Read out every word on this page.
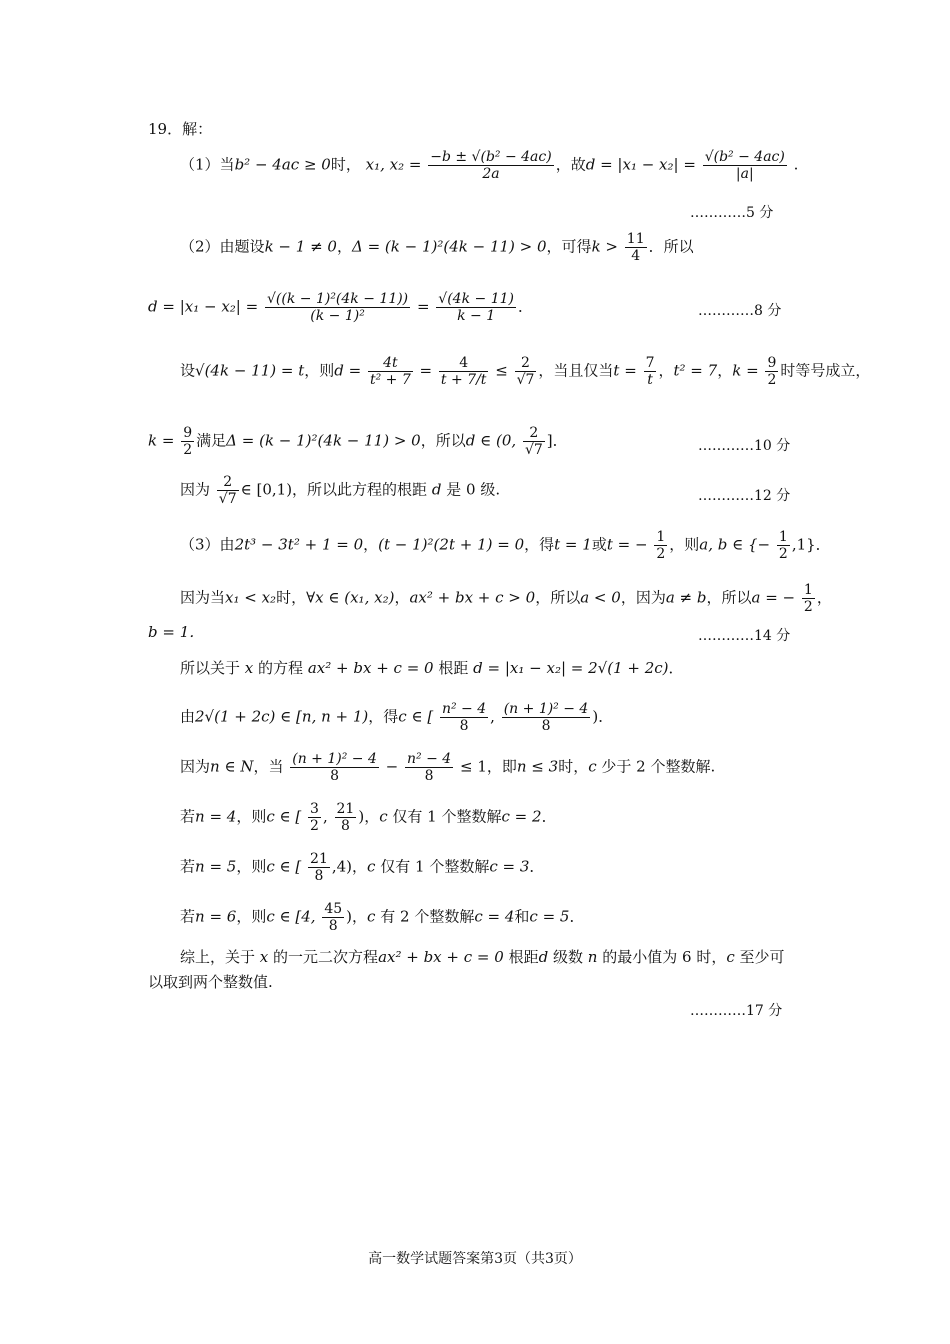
19．解：
（1）当b² − 4ac ≥ 0时， x₁, $x_2 = \frac{\text{−b ± √(b² − 4ac)}}{2a}$ ，故$d = |x_1 - x_2| = \frac{\text{√(b² − 4ac)}}{|a|}$ .
…………5 分
（2）由题设k − 1 ≠ 0，Δ = (k − 1)²(4k − 11) > 0，可得$k > \frac{11}{4}$ ．所以
$d = |x_1 - x_2| = \frac{\text{√((k − 1)²(4k − 11))}}{\text{(k − 1)²}} = \frac{√(4k - 11)}{k - 1}$ ．	…………8 分
设√(4k − 11) = t，则$d = \frac{4t}{\text{t² + 7}} = \frac{4}{t + 7/t} \le \frac{2}{√7}$ ，当且仅当$t = \frac{7}{t}$ ，t² = 7，$k = \frac{9}{2}$ 时等号成立，
$k = \frac{9}{2}$ 满足Δ = (k − 1)²(4k − 11) > 0，所以d ∈ (0, $\frac{2}{√7}$ ]．	…………10 分
因为 $\frac{2}{√7}$ ∈ [0,1)，所以此方程的根距 d 是 0 级.	…………12 分
（3）由2t³ − 3t² + 1 = 0，(t − 1)²(2t + 1) = 0，得t = 1或t = − $\frac{1}{2}$ ，则a, b ∈ {− $\frac{1}{2} ,1$}．
因为当x₁ < x₂时，∀x ∈ (x₁, x₂)，ax² + bx + c > 0，所以a < 0，因为a ≠ b，所以a = − $\frac{1}{2}$ ，
b = 1．	…………14 分
所以关于 x 的方程 ax² + bx + c = 0 根距 d = |x₁ − x₂| = 2√(1 + 2c)．
由2√(1 + 2c) ∈ [n, n + 1)，得c ∈ [ $\frac{\text{n² − 4}}{8}$ , $\frac{\text{(n + 1)² − 4}}{8}$ )．
因为n ∈ N，当 $\frac{\text{(n + 1)² − 4}}{8} - \frac{\text{n² − 4}}{8} \le 1$，即n ≤ 3时，c 少于 2 个整数解.
若n = 4，则c ∈ [ $\frac{3}{2}$ , $\frac{21}{8}$ )，c 仅有 1 个整数解c = 2．
若n = 5，则c ∈ [ $\frac{21}{8} ,4$)，c 仅有 1 个整数解c = 3．
若n = 6，则c ∈ [4, $\frac{45}{8}$ )，c 有 2 个整数解c = 4和c = 5．
综上，关于 x 的一元二次方程ax² + bx + c = 0 根距d 级数 n 的最小值为 6 时，c 至少可
以取到两个整数值.
…………17 分
高一数学试题答案第3页（共3页）
